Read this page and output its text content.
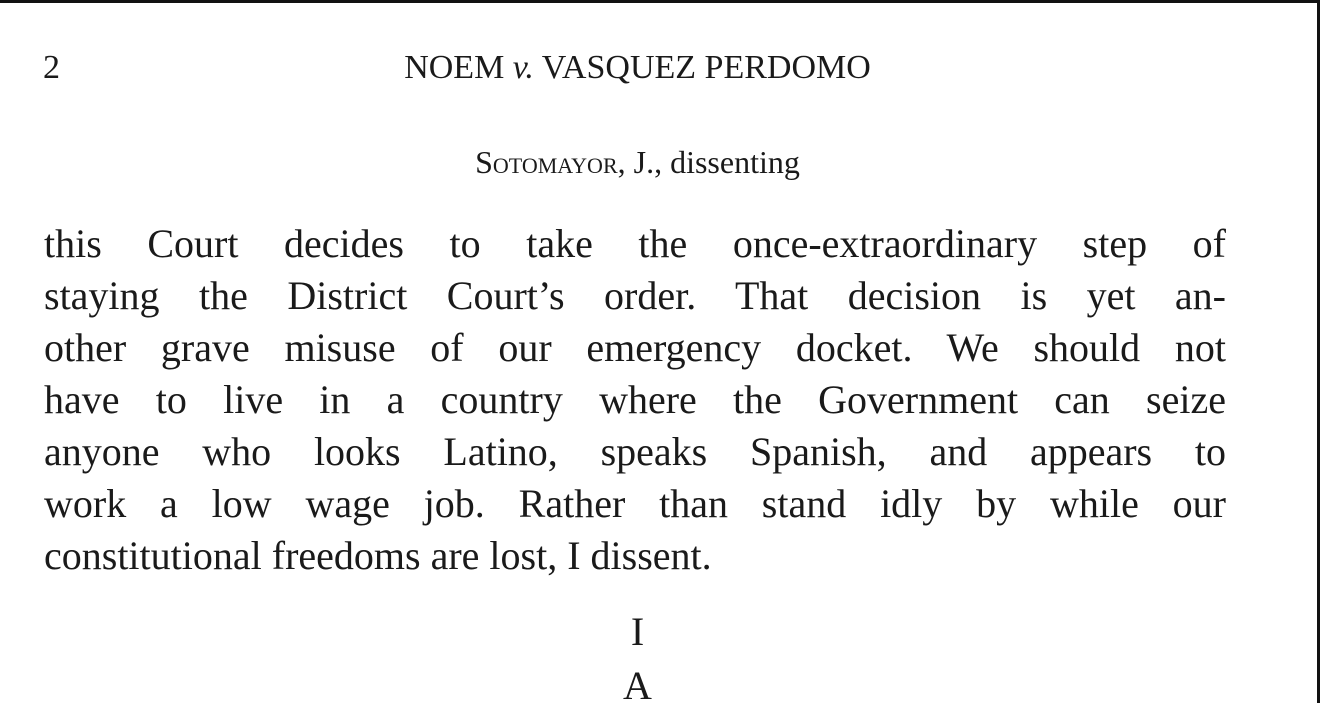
2	NOEM v. VASQUEZ PERDOMO
Sotomayor, J., dissenting
this Court decides to take the once-extraordinary step of
staying the District Court’s order. That decision is yet an-
other grave misuse of our emergency docket. We should not
have to live in a country where the Government can seize
anyone who looks Latino, speaks Spanish, and appears to
work a low wage job. Rather than stand idly by while our
constitutional freedoms are lost, I dissent.
I
A
